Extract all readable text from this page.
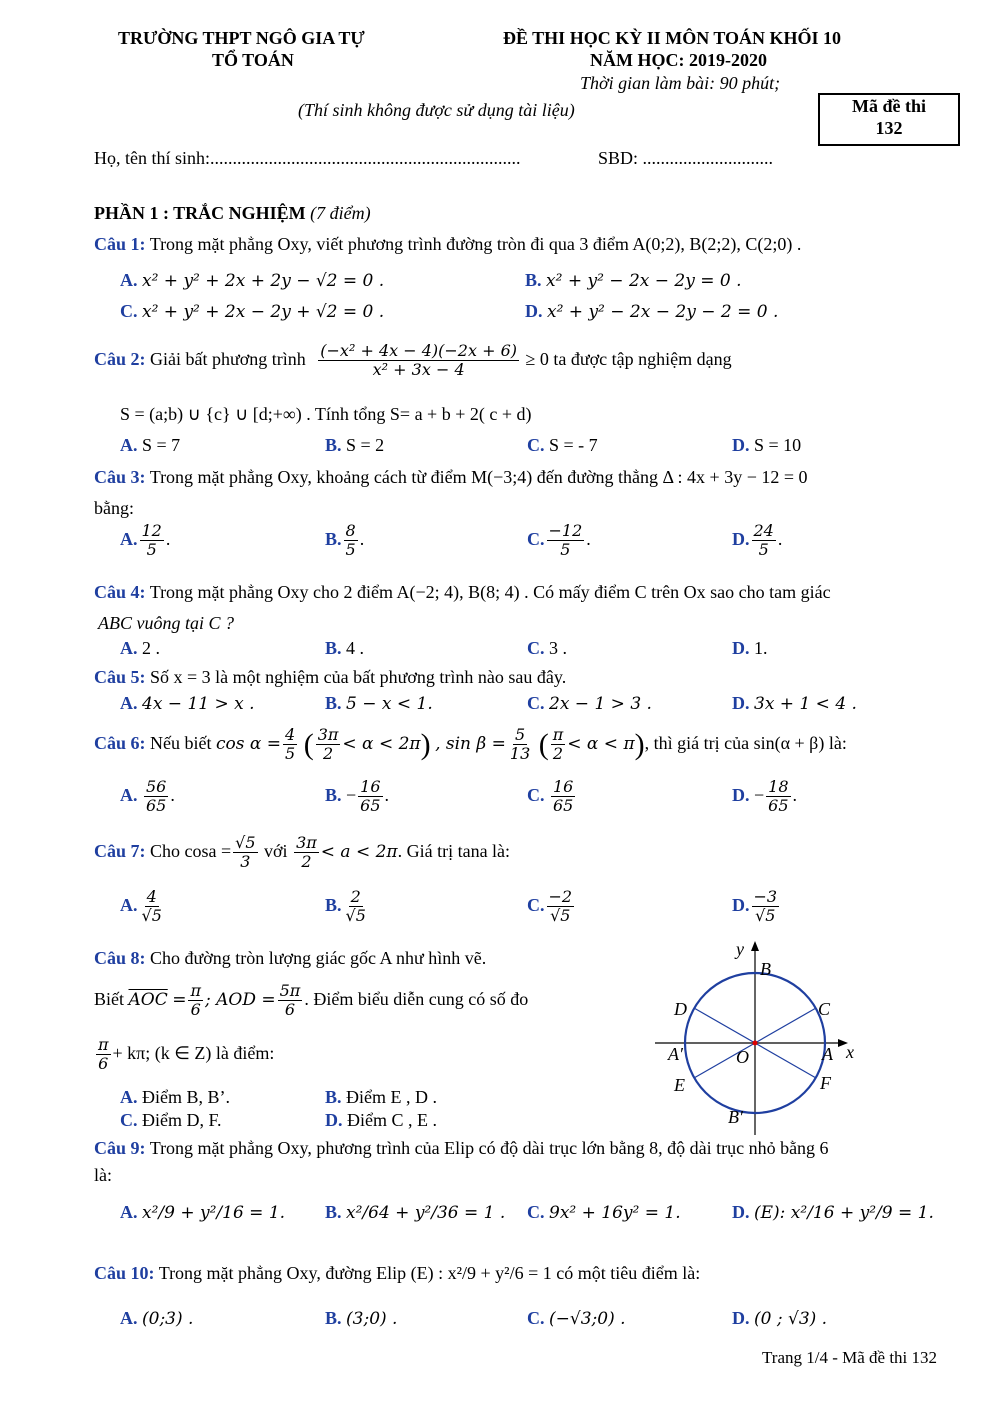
TRƯỜNG THPT NGÔ GIA TỰ
TỔ TOÁN
ĐỀ THI HỌC KỲ II MÔN TOÁN KHỐI 10
NĂM HỌC: 2019-2020
Thời gian làm bài: 90 phút;
(Thí sinh không được sử dụng tài liệu)	Mã đề thi
132
Họ, tên thí sinh:.....................................................................	SBD: .............................
PHẦN 1 : TRẮC NGHIỆM (7 điểm)
Câu 1: Trong mặt phẳng Oxy, viết phương trình đường tròn đi qua 3 điểm A(0;2), B(2;2), C(2;0) .
A. x² + y² + 2x + 2y − √2 = 0 .	B. x² + y² − 2x − 2y = 0 .
C. x² + y² + 2x − 2y + √2 = 0 .	D. x² + y² − 2x − 2y − 2 = 0 .
Câu 2: Giải bất phương trình $\frac{\text{(−x² + 4x − 4)(−2x + 6)}}{\text{x² + 3x − 4}} \ge 0$ ta được tập nghiệm dạng
S = (a;b) ∪ {c} ∪ [d;+∞) . Tính tổng S= a + b + 2( c + d)
A. S = 7	B. S = 2	C. S = - 7	D. S = 10
Câu 3: Trong mặt phẳng Oxy, khoảng cách từ điểm M(−3;4) đến đường thẳng Δ : 4x + 3y − 12 = 0
bằng:
A. $\frac{12}{5}$ .	B. $\frac{8}{5}$ .	C. $\frac{-12}{5}$ .	D. $\frac{24}{5}$ .
Câu 4: Trong mặt phẳng Oxy cho 2 điểm A(−2; 4), B(8; 4) . Có mấy điểm C trên Ox sao cho tam giác
ABC vuông tại C ?
A. 2 .	B. 4 .	C. 3 .	D. 1.
Câu 5: Số x = 3 là một nghiệm của bất phương trình nào sau đây.
A. 4x − 11 > x .	B. 5 − x < 1.	C. 2x − 1 > 3 .	D. 3x + 1 < 4 .
Câu 6: Nếu biết $\cos \alpha = \frac{4}{5}$ ( $\frac{3\pi}{2} < \alpha < 2\pi$) , $\sin \beta = \frac{5}{13}$ ( $\frac{\pi}{2} < \alpha < \pi$), thì giá trị của sin(α + β) là:
A. $\frac{56}{65}$ .	B. − $\frac{16}{65}$ .	C. $\frac{16}{65}$	D. − $\frac{18}{65}$ .
Câu 7: Cho $\cos a = \frac{√5}{3}$ với $\frac{3\pi}{2} < a < 2\pi$. Giá trị tana là:
A. $\frac{4}{√5}$	B. $\frac{2}{√5}$	C. $\frac{-2}{√5}$	D. $\frac{-3}{√5}$
Câu 8: Cho đường tròn lượng giác gốc A như hình vẽ.
Biết $\overline{AOC} = \frac{\pi}{6}$ ; AOD = $\frac{5\pi}{6}$ . Điểm biểu diễn cung có số đo
$\frac{\pi}{6} + k\pi$; (k ∈ Z) là điểm:
A. Điểm B, B’.	B. Điểm E , D .
C. Điểm D, F.	D. Điểm C , E .
y
B
C
D
A x
A′	O
E	F
B′
Câu 9: Trong mặt phẳng Oxy, phương trình của Elip có độ dài trục lớn bằng 8, độ dài trục nhỏ bằng 6
là:
A. x²/9 + y²/16 = 1. B. x²/64 + y²/36 = 1 . C. 9x² + 16y² = 1.	D. (E): x²/16 + y²/9 = 1.
Câu 10: Trong mặt phẳng Oxy, đường Elip (E) : x²/9 + y²/6 = 1 có một tiêu điểm là:
A. (0;3) .	B. (3;0) .	C. (−√3;0) .	D. (0 ; √3) .
Trang 1/4 - Mã đề thi 132
